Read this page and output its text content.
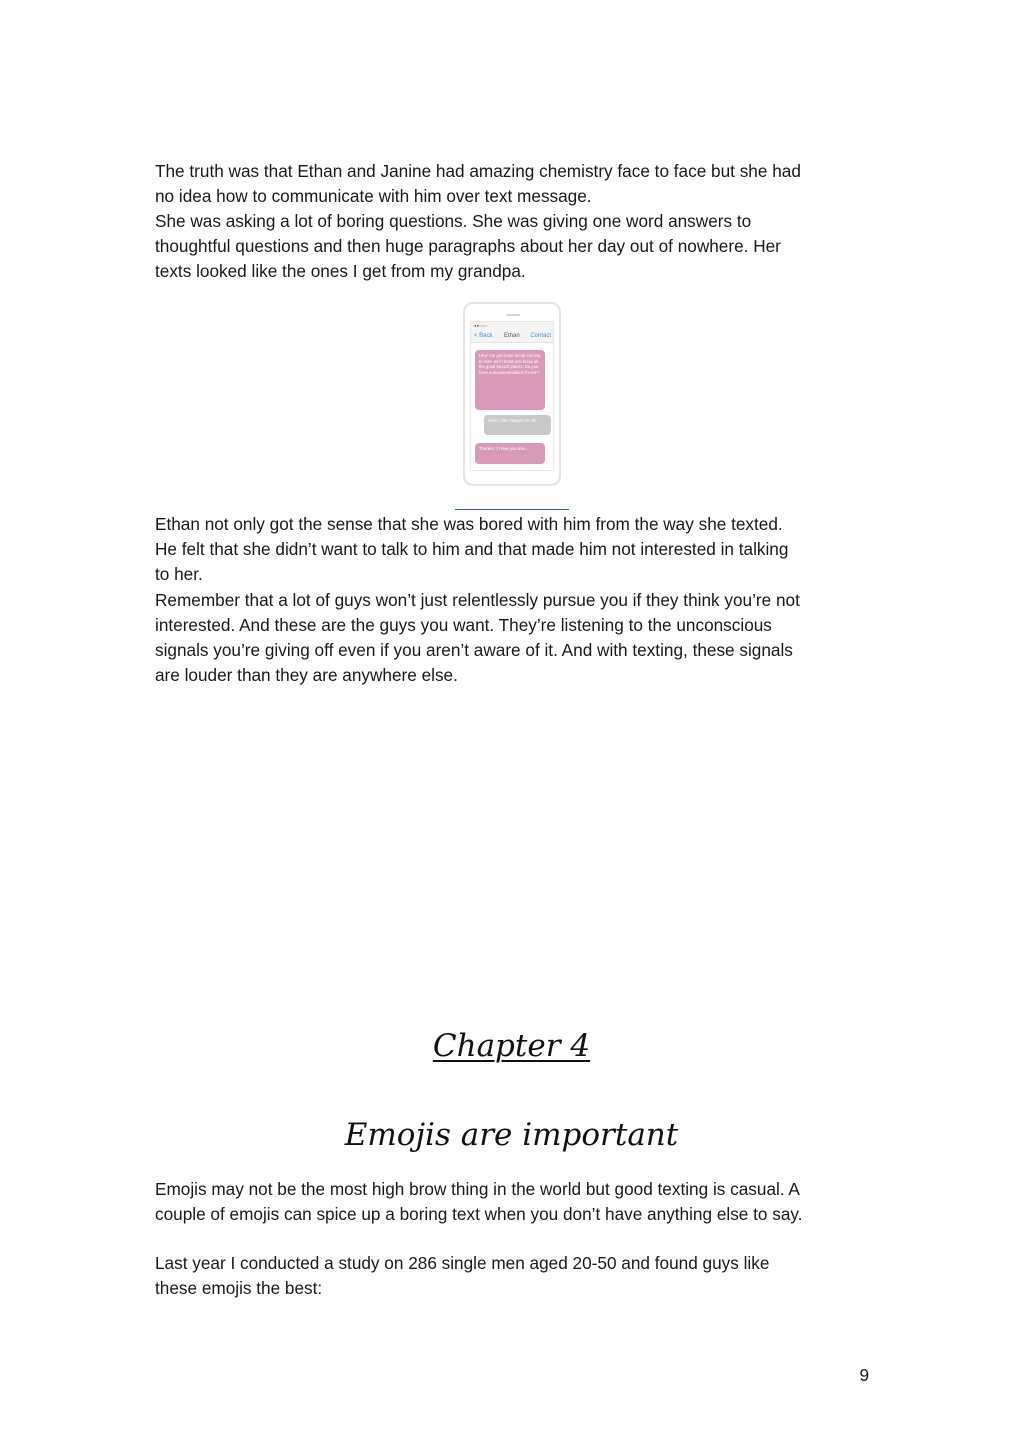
The truth was that Ethan and Janine had amazing chemistry face to face but she had
no idea how to communicate with him over text message.

She was asking a lot of boring questions. She was giving one word answers to
thoughtful questions and then huge paragraphs about her day out of nowhere. Her
texts looked like the ones I get from my grandpa.

●●○○○
< Back Ethan Contact
Hey! I've got some family coming to town and I know you know all the good brunch places. Do you have a recommendation for me?
Hello, I like Tanya's on 4th
Thanks! :) I owe you one...

Ethan not only got the sense that she was bored with him from the way she texted.
He felt that she didn’t want to talk to him and that made him not interested in talking
to her.

Remember that a lot of guys won’t just relentlessly pursue you if they think you’re not
interested. And these are the guys you want. They’re listening to the unconscious
signals you’re giving off even if you aren’t aware of it. And with texting, these signals
are louder than they are anywhere else.

Chapter 4
Emojis are important

Emojis may not be the most high brow thing in the world but good texting is casual. A
couple of emojis can spice up a boring text when you don’t have anything else to say.

Last year I conducted a study on 286 single men aged 20-50 and found guys like
these emojis the best:

9
